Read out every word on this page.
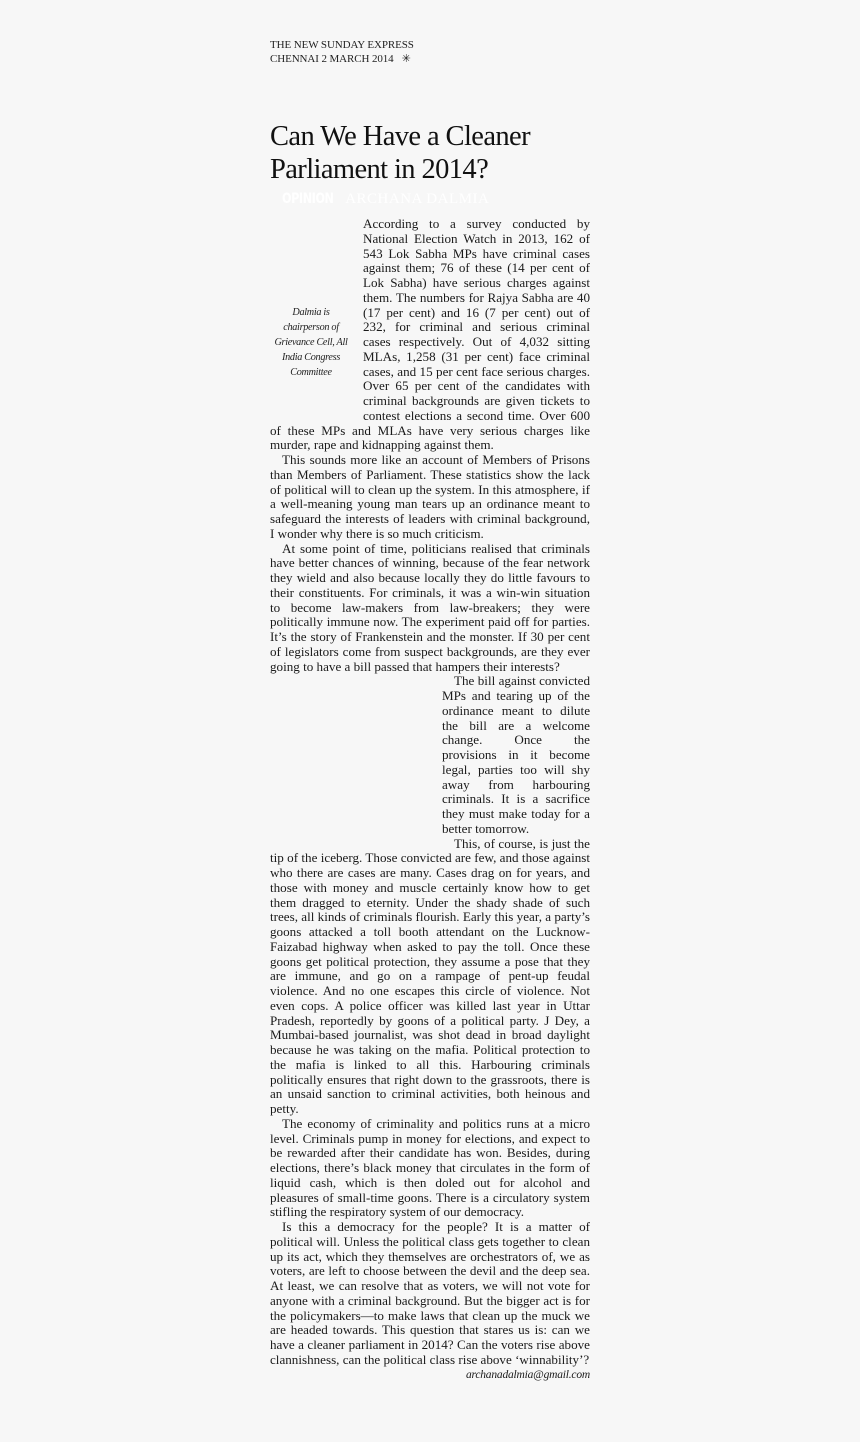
THE NEW SUNDAY EXPRESS
CHENNAI 2 MARCH 2014 ✳
Can We Have a Cleaner
Parliament in 2014?
OPINION ARCHANA DALMIA
Dalmia is chairperson of Grievance Cell, All India Congress Committee

According to a survey conducted by National Election Watch in 2013, 162 of 543 Lok Sabha MPs have criminal cases against them; 76 of these (14 per cent of Lok Sabha) have serious charges against them. The numbers for Rajya Sabha are 40 (17 per cent) and 16 (7 per cent) out of 232, for criminal and serious criminal cases respectively. Out of 4,032 sitting MLAs, 1,258 (31 per cent) face criminal cases, and 15 per cent face serious charges. Over 65 per cent of the candidates with criminal backgrounds are given tickets to contest elections a second time. Over 600 of these MPs and MLAs have very serious charges like murder, rape and kidnapping against them.

This sounds more like an account of Members of Prisons than Members of Parliament. These statistics show the lack of political will to clean up the system. In this atmosphere, if a well-meaning young man tears up an ordinance meant to safeguard the interests of leaders with criminal background, I wonder why there is so much criticism.

At some point of time, politicians realised that criminals have better chances of winning, because of the fear network they wield and also because locally they do little favours to their constituents. For criminals, it was a win-win situation to become law-makers from law-breakers; they were politically immune now. The experiment paid off for parties. It’s the story of Frankenstein and the monster. If 30 per cent of legislators come from suspect backgrounds, are they ever going to have a bill passed that hampers their interests?

The bill against convicted MPs and tearing up of the ordinance meant to dilute the bill are a welcome change. Once the provisions in it become legal, parties too will shy away from harbouring criminals. It is a sacrifice they must make today for a better tomorrow.

This, of course, is just the tip of the iceberg. Those convicted are few, and those against who there are cases are many. Cases drag on for years, and those with money and muscle certainly know how to get them dragged to eternity. Under the shady shade of such trees, all kinds of criminals flourish. Early this year, a party’s goons attacked a toll booth attendant on the Lucknow-Faizabad highway when asked to pay the toll. Once these goons get political protection, they assume a pose that they are immune, and go on a rampage of pent-up feudal violence. And no one escapes this circle of violence. Not even cops. A police officer was killed last year in Uttar Pradesh, reportedly by goons of a political party. J Dey, a Mumbai-based journalist, was shot dead in broad daylight because he was taking on the mafia. Political protection to the mafia is linked to all this. Harbouring criminals politically ensures that right down to the grassroots, there is an unsaid sanction to criminal activities, both heinous and petty.

The economy of criminality and politics runs at a micro level. Criminals pump in money for elections, and expect to be rewarded after their candidate has won. Besides, during elections, there’s black money that circulates in the form of liquid cash, which is then doled out for alcohol and pleasures of small-time goons. There is a circulatory system stifling the respiratory system of our democracy.

Is this a democracy for the people? It is a matter of political will. Unless the political class gets together to clean up its act, which they themselves are orchestrators of, we as voters, are left to choose between the devil and the deep sea. At least, we can resolve that as voters, we will not vote for anyone with a criminal background. But the bigger act is for the policymakers—to make laws that clean up the muck we are headed towards. This question that stares us is: can we have a cleaner parliament in 2014? Can the voters rise above clannishness, can the political class rise above ‘winnability’?
archanadalmia@gmail.com
